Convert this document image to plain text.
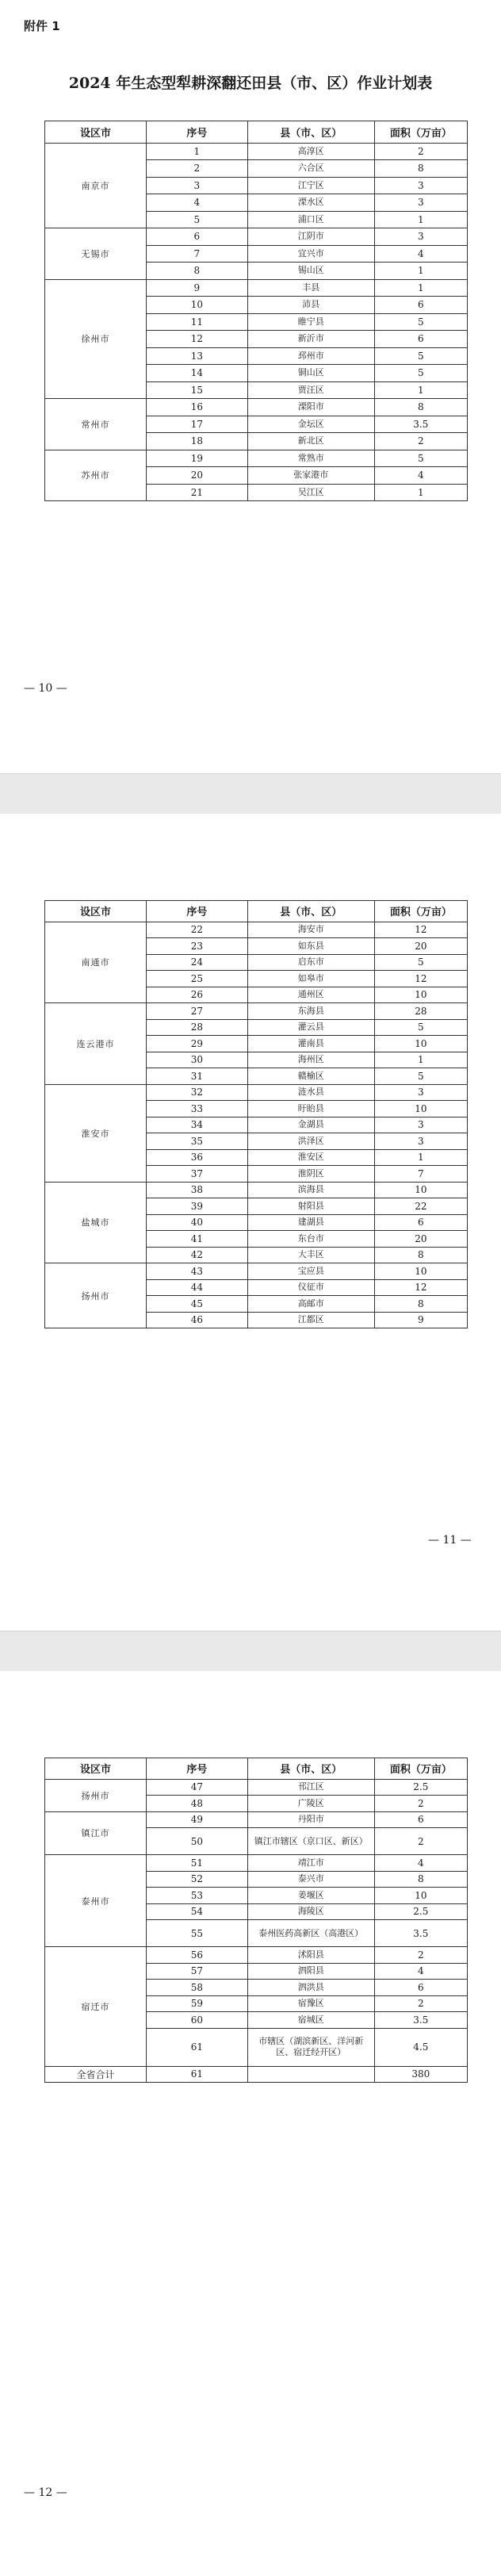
附件 1
2024 年生态型犁耕深翻还田县（市、区）作业计划表
设区市	序号	县（市、区）	面积（万亩）
南京市	1	高淳区	2
	2	六合区	8
	3	江宁区	3
	4	溧水区	3
	5	浦口区	1
无锡市	6	江阴市	3
	7	宜兴市	4
	8	锡山区	1
徐州市	9	丰县	1
	10	沛县	6
	11	睢宁县	5
	12	新沂市	6
	13	邳州市	5
	14	铜山区	5
	15	贾汪区	1
常州市	16	溧阳市	8
	17	金坛区	3.5
	18	新北区	2
苏州市	19	常熟市	5
	20	张家港市	4
	21	吴江区	1
— 10 —
设区市	序号	县（市、区）	面积（万亩）
南通市	22	海安市	12
	23	如东县	20
	24	启东市	5
	25	如皋市	12
	26	通州区	10
连云港市	27	东海县	28
	28	灌云县	5
	29	灌南县	10
	30	海州区	1
	31	赣榆区	5
淮安市	32	涟水县	3
	33	盱眙县	10
	34	金湖县	3
	35	洪泽区	3
	36	淮安区	1
	37	淮阴区	7
盐城市	38	滨海县	10
	39	射阳县	22
	40	建湖县	6
	41	东台市	20
	42	大丰区	8
扬州市	43	宝应县	10
	44	仪征市	12
	45	高邮市	8
	46	江都区	9
— 11 —
设区市	序号	县（市、区）	面积（万亩）
扬州市	47	邗江区	2.5
	48	广陵区	2
镇江市	49	丹阳市	6
	50	镇江市辖区（京口区、新区）	2
泰州市	51	靖江市	4
	52	泰兴市	8
	53	姜堰区	10
	54	海陵区	2.5
	55	泰州医药高新区（高港区）	3.5
宿迁市	56	沭阳县	2
	57	泗阳县	4
	58	泗洪县	6
	59	宿豫区	2
	60	宿城区	3.5
	61	市辖区（湖滨新区、洋河新区、宿迁经开区）	4.5
全省合计	61		380
— 12 —
